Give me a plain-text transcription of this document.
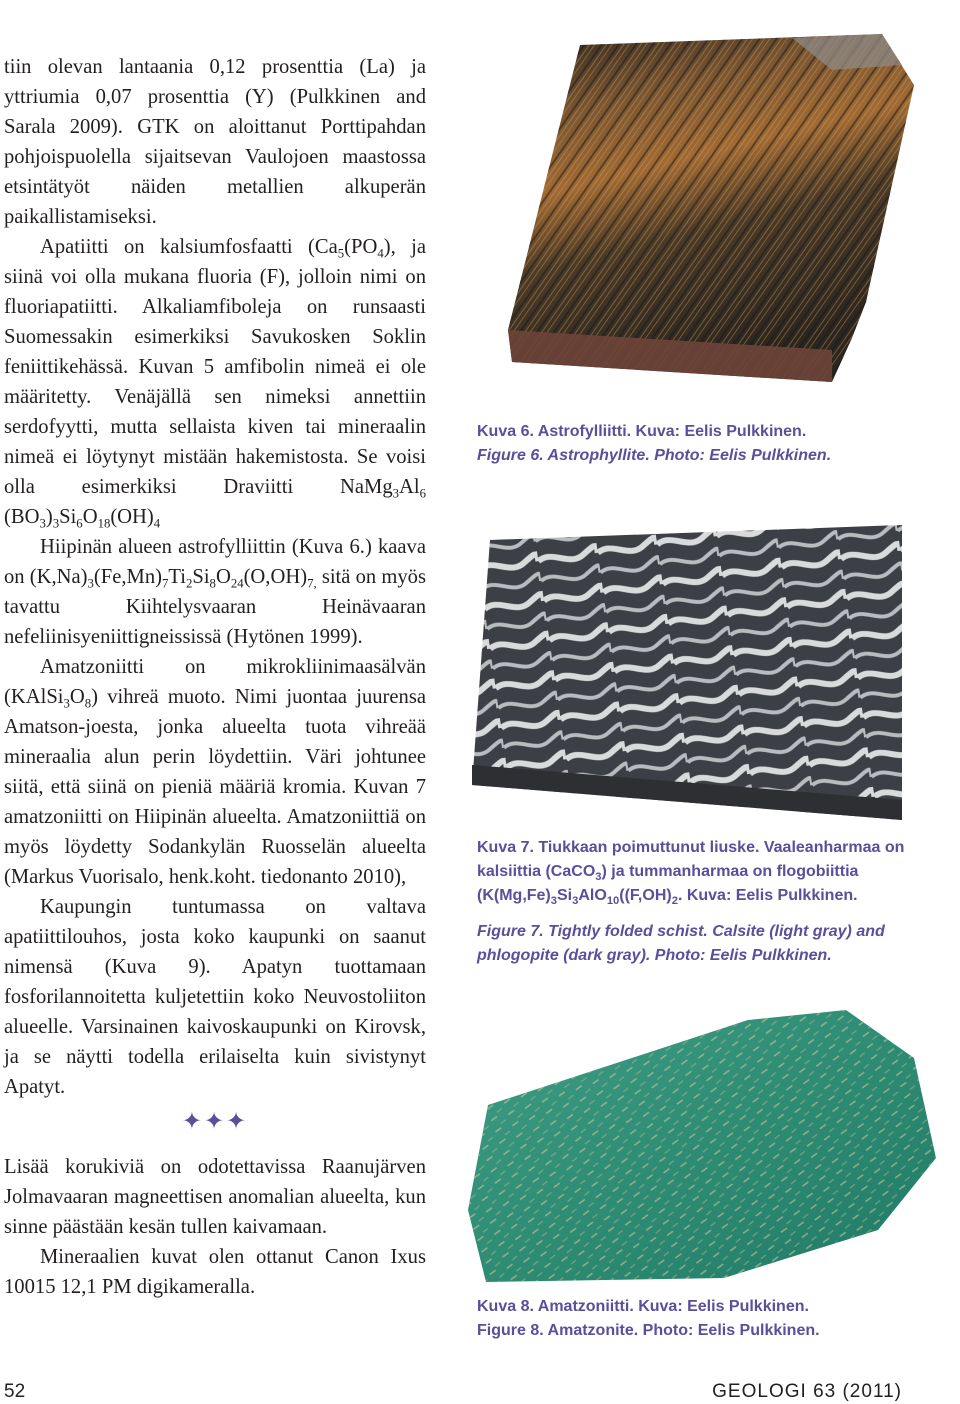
tiin olevan lantaania 0,12 prosenttia (La) ja yttriumia 0,07 prosenttia (Y) (Pulkkinen and Sarala 2009). GTK on aloittanut Porttipahdan pohjoispuolella sijaitsevan Vaulojoen maastossa etsintätyöt näiden metallien alkuperän paikallistamiseksi.

Apatiitti on kalsiumfosfaatti ($Ca_5(PO_4)$, ja siinä voi olla mukana fluoria (F), jolloin nimi on fluoriapatiitti. Alkaliamfiboleja on runsaasti Suomessakin esimerkiksi Savukosken Soklin feniittikehässä. Kuvan 5 amfibolin nimeä ei ole määritetty. Venäjällä sen nimeksi annettiin serdofyytti, mutta sellaista kiven tai mineraalin nimeä ei löytynyt mistään hakemistosta. Se voisi olla esimerkiksi Draviitti $NaMg_3Al_6$ $(BO_3)_3Si_6O_{18}(OH)_4$

Hiipinän alueen astrofylliittin (Kuva 6.) kaava on $(K,Na)_3(Fe,Mn)_7Ti_2Si_8O_{24}(O,OH)_{7,}$ sitä on myös tavattu Kiihtelysvaaran Heinävaaran nefeliinisyeniittigneississä (Hytönen 1999).

Amatzoniitti on mikrokliinimaasälvän $(KAlSi_3O_8)$ vihreä muoto. Nimi juontaa juurensa Amatson-joesta, jonka alueelta tuota vihreää mineraalia alun perin löydettiin. Väri johtunee siitä, että siinä on pieniä määriä kromia. Kuvan 7 amatzoniitti on Hiipinän alueelta. Amatzoniittiä on myös löydetty Sodankylän Ruosselän alueelta (Markus Vuorisalo, henk.koht. tiedonanto 2010),

Kaupungin tuntumassa on valtava apatiittilouhos, josta koko kaupunki on saanut nimensä (Kuva 9). Apatyn tuottamaan fosforilannoitetta kuljetettiin koko Neuvostoliiton alueelle. Varsinainen kaivoskaupunki on Kirovsk, ja se näytti todella erilaiselta kuin sivistynyt Apatyt.

✦✦✦

Lisää korukiviä on odotettavissa Raanujärven Jolmavaaran magneettisen anomalian alueelta, kun sinne päästään kesän tullen kaivamaan.

Mineraalien kuvat olen ottanut Canon Ixus 10015 12,1 PM digikameralla.

Kuva 6. Astrofylliitti. Kuva: Eelis Pulkkinen.

Figure 6. Astrophyllite. Photo: Eelis Pulkkinen.

Kuva 7. Tiukkaan poimuttunut liuske. Vaaleanharmaa on kalsiittia (CaCO$_3$) ja tummanharmaa on flogobiittia ($K(Mg,Fe)_3Si_3AlO_{10}((F,OH)_2$. Kuva: Eelis Pulkkinen.

Figure 7. Tightly folded schist. Calsite (light gray) and phlogopite (dark gray). Photo: Eelis Pulkkinen.

Kuva 8. Amatzoniitti. Kuva: Eelis Pulkkinen.

Figure 8. Amatzonite. Photo: Eelis Pulkkinen.

52	GEOLOGI 63 (2011)
